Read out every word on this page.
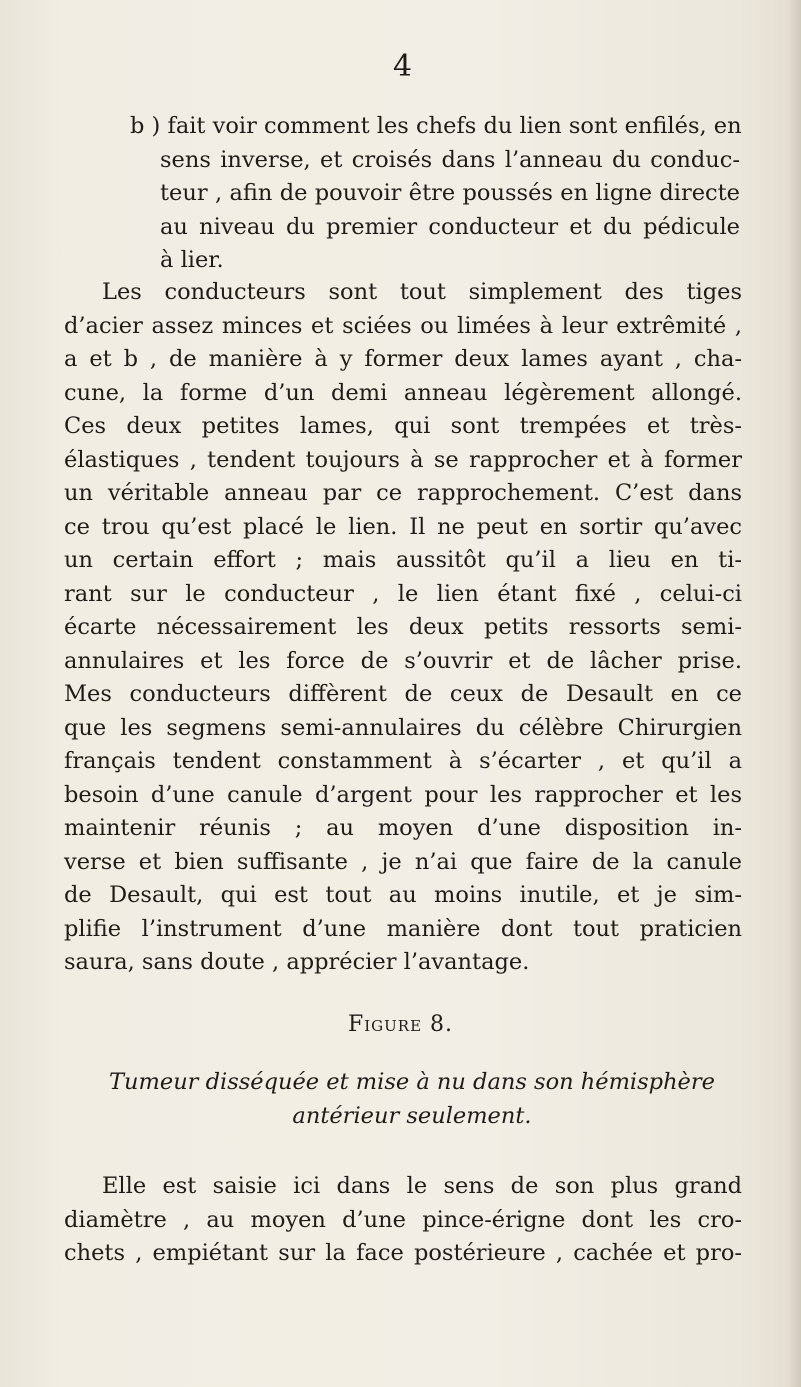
4
b ) fait voir comment les chefs du lien sont enfilés, en
sens inverse, et croisés dans l’anneau du conduc-
teur , afin de pouvoir être poussés en ligne directe
au niveau du premier conducteur et du pédicule
à lier.
Les conducteurs sont tout simplement des tiges
d’acier assez minces et sciées ou limées à leur extrêmité ,
a et b , de manière à y former deux lames ayant , cha-
cune, la forme d’un demi anneau légèrement allongé.
Ces deux petites lames, qui sont trempées et très-
élastiques , tendent toujours à se rapprocher et à former
un véritable anneau par ce rapprochement. C’est dans
ce trou qu’est placé le lien. Il ne peut en sortir qu’avec
un certain effort ; mais aussitôt qu’il a lieu en ti-
rant sur le conducteur , le lien étant fixé , celui-ci
écarte nécessairement les deux petits ressorts semi-
annulaires et les force de s’ouvrir et de lâcher prise.
Mes conducteurs diffèrent de ceux de Desault en ce
que les segmens semi-annulaires du célèbre Chirurgien
français tendent constamment à s’écarter , et qu’il a
besoin d’une canule d’argent pour les rapprocher et les
maintenir réunis ; au moyen d’une disposition in-
verse et bien suffisante , je n’ai que faire de la canule
de Desault, qui est tout au moins inutile, et je sim-
plifie l’instrument d’une manière dont tout praticien
saura, sans doute , apprécier l’avantage.
Figure 8.
Tumeur disséquée et mise à nu dans son hémisphère
antérieur seulement.
Elle est saisie ici dans le sens de son plus grand
diamètre , au moyen d’une pince-érigne dont les cro-
chets , empiétant sur la face postérieure , cachée et pro-
